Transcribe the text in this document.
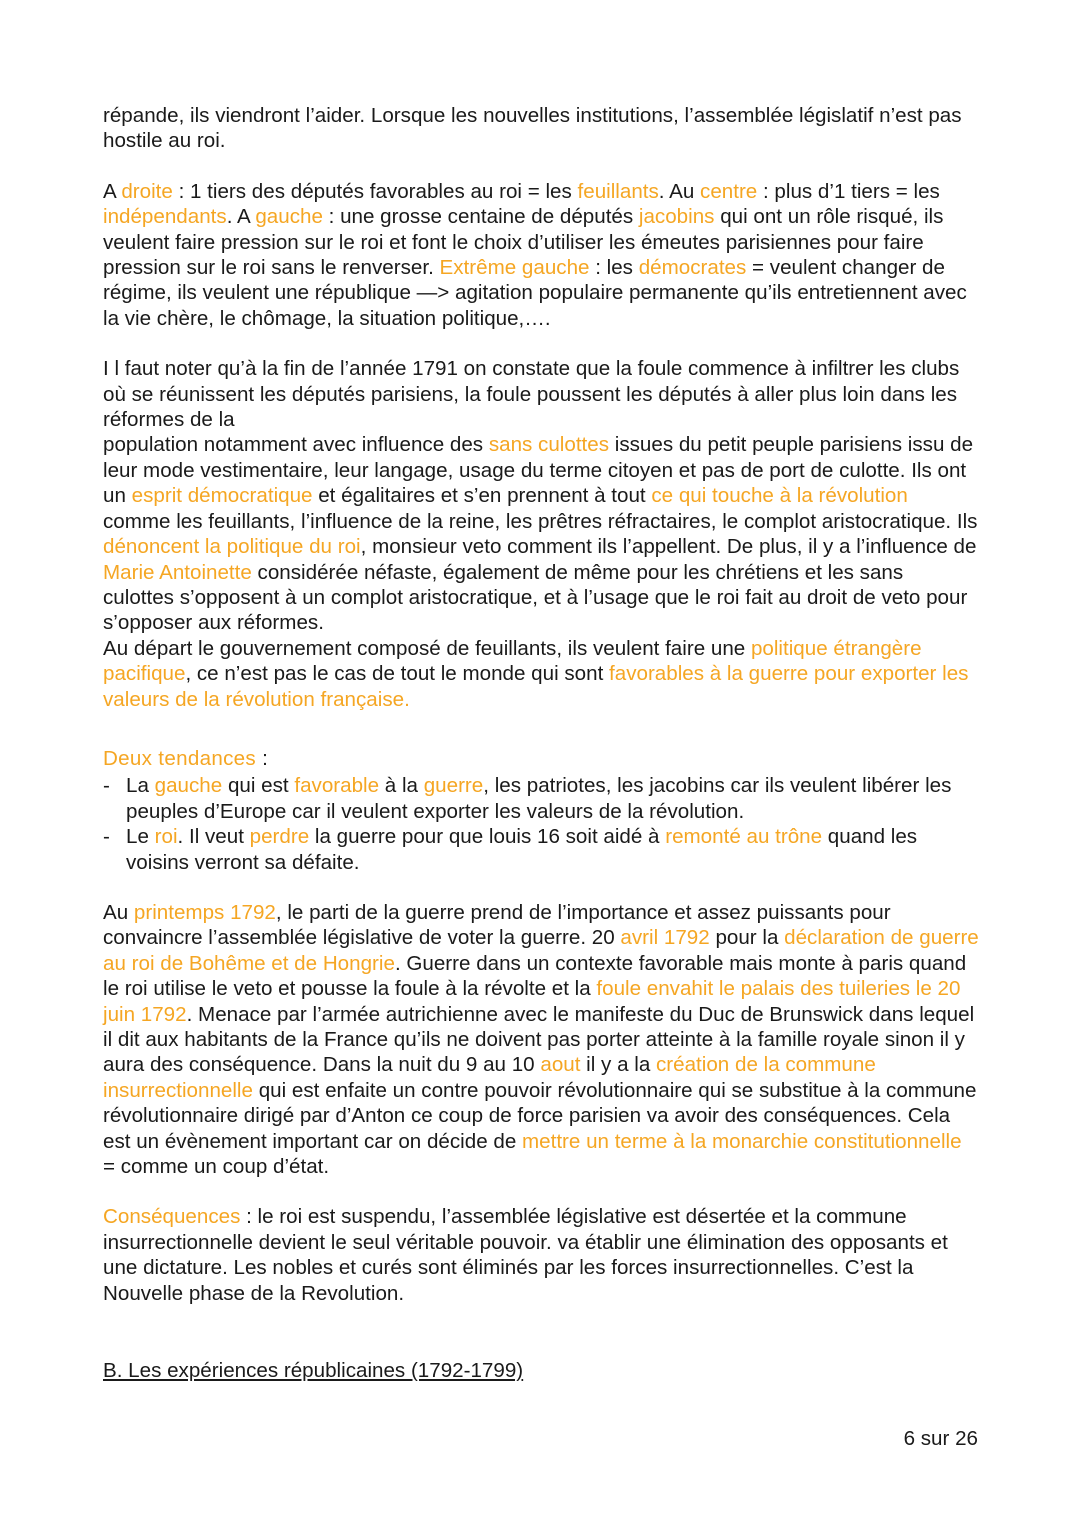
répande, ils viendront l’aider. Lorsque les nouvelles institutions, l’assemblée législatif n’est pas hostile au roi.

A droite : 1 tiers des députés favorables au roi = les feuillants. Au centre : plus d’1 tiers = les indépendants. A gauche : une grosse centaine de députés jacobins qui ont un rôle risqué, ils veulent faire pression sur le roi et font le choix d’utiliser les émeutes parisiennes pour faire pression sur le roi sans le renverser. Extrême gauche : les démocrates = veulent changer de régime, ils veulent une république —> agitation populaire permanente qu’ils entretiennent avec la vie chère, le chômage, la situation politique,….

I l faut noter qu’à la fin de l’année 1791 on constate que la foule commence à infiltrer les clubs où se réunissent les députés parisiens, la foule poussent les députés à aller plus loin dans les réformes de la
population notamment avec influence des sans culottes issues du petit peuple parisiens issu de leur mode vestimentaire, leur langage, usage du terme citoyen et pas de port de culotte. Ils ont un esprit démocratique et égalitaires et s’en prennent à tout ce qui touche à la révolution comme les feuillants, l’influence de la reine, les prêtres réfractaires, le complot aristocratique. Ils dénoncent la politique du roi, monsieur veto comment ils l’appellent. De plus, il y a l’influence de Marie Antoinette considérée néfaste, également de même pour les chrétiens et les sans culottes s’opposent à un complot aristocratique, et à l’usage que le roi fait au droit de veto pour s’opposer aux réformes.
Au départ le gouvernement composé de feuillants, ils veulent faire une politique étrangère pacifique, ce n’est pas le cas de tout le monde qui sont favorables à la guerre pour exporter les valeurs de la révolution française.

Deux tendances :

- La gauche qui est favorable à la guerre, les patriotes, les jacobins car ils veulent libérer les peuples d’Europe car il veulent exporter les valeurs de la révolution.
- Le roi. Il veut perdre la guerre pour que louis 16 soit aidé à remonté au trône quand les voisins verront sa défaite.

Au printemps 1792, le parti de la guerre prend de l’importance et assez puissants pour convaincre l’assemblée législative de voter la guerre. 20 avril 1792 pour la déclaration de guerre au roi de Bohême et de Hongrie. Guerre dans un contexte favorable mais monte à paris quand le roi utilise le veto et pousse la foule à la révolte et la foule envahit le palais des tuileries le 20 juin 1792. Menace par l’armée autrichienne avec le manifeste du Duc de Brunswick dans lequel il dit aux habitants de la France qu’ils ne doivent pas porter atteinte à la famille royale sinon il y aura des conséquence. Dans la nuit du 9 au 10 aout il y a la création de la commune insurrectionnelle qui est enfaite un contre pouvoir révolutionnaire qui se substitue à la commune révolutionnaire dirigé par d’Anton ce coup de force parisien va avoir des conséquences. Cela est un évènement important car on décide de mettre un terme à la monarchie constitutionnelle = comme un coup d’état.

Conséquences : le roi est suspendu, l’assemblée législative est désertée et la commune insurrectionnelle devient le seul véritable pouvoir. va établir une élimination des opposants et une dictature. Les nobles et curés sont éliminés par les forces insurrectionnelles. C’est la Nouvelle phase de la Revolution.

B. Les expériences républicaines (1792-1799)
6 sur 26
